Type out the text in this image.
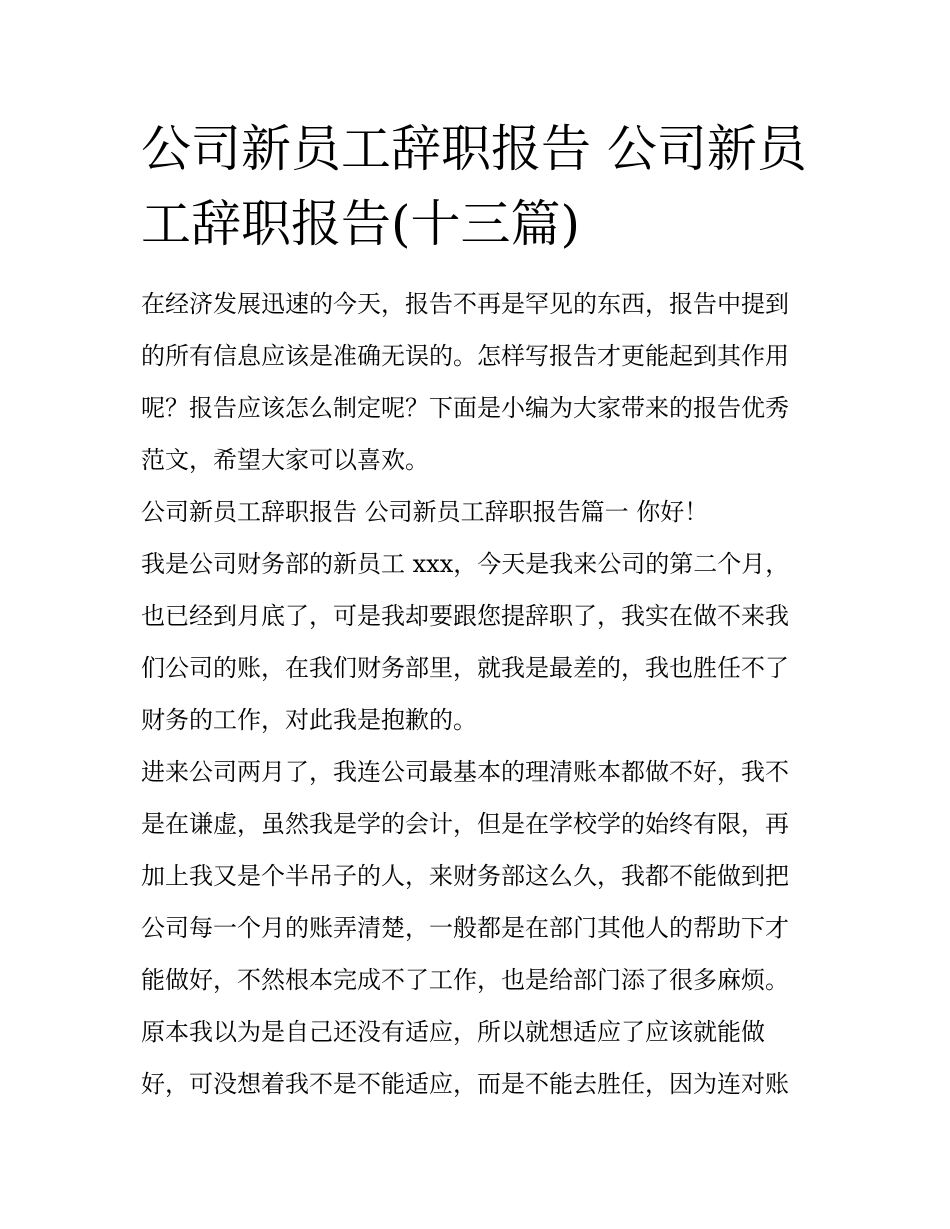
公司新员工辞职报告 公司新员
工辞职报告(十三篇)

在经济发展迅速的今天，报告不再是罕见的东西，报告中提到

的所有信息应该是准确无误的。怎样写报告才更能起到其作用

呢？报告应该怎么制定呢？下面是小编为大家带来的报告优秀

范文，希望大家可以喜欢。

公司新员工辞职报告 公司新员工辞职报告篇一 你好！

我是公司财务部的新员工 xxx，今天是我来公司的第二个月，

也已经到月底了，可是我却要跟您提辞职了，我实在做不来我

们公司的账，在我们财务部里，就我是最差的，我也胜任不了

财务的工作，对此我是抱歉的。

进来公司两月了，我连公司最基本的理清账本都做不好，我不

是在谦虚，虽然我是学的会计，但是在学校学的始终有限，再

加上我又是个半吊子的人，来财务部这么久，我都不能做到把

公司每一个月的账弄清楚，一般都是在部门其他人的帮助下才

能做好，不然根本完成不了工作，也是给部门添了很多麻烦。

原本我以为是自己还没有适应，所以就想适应了应该就能做

好，可没想着我不是不能适应，而是不能去胜任，因为连对账
